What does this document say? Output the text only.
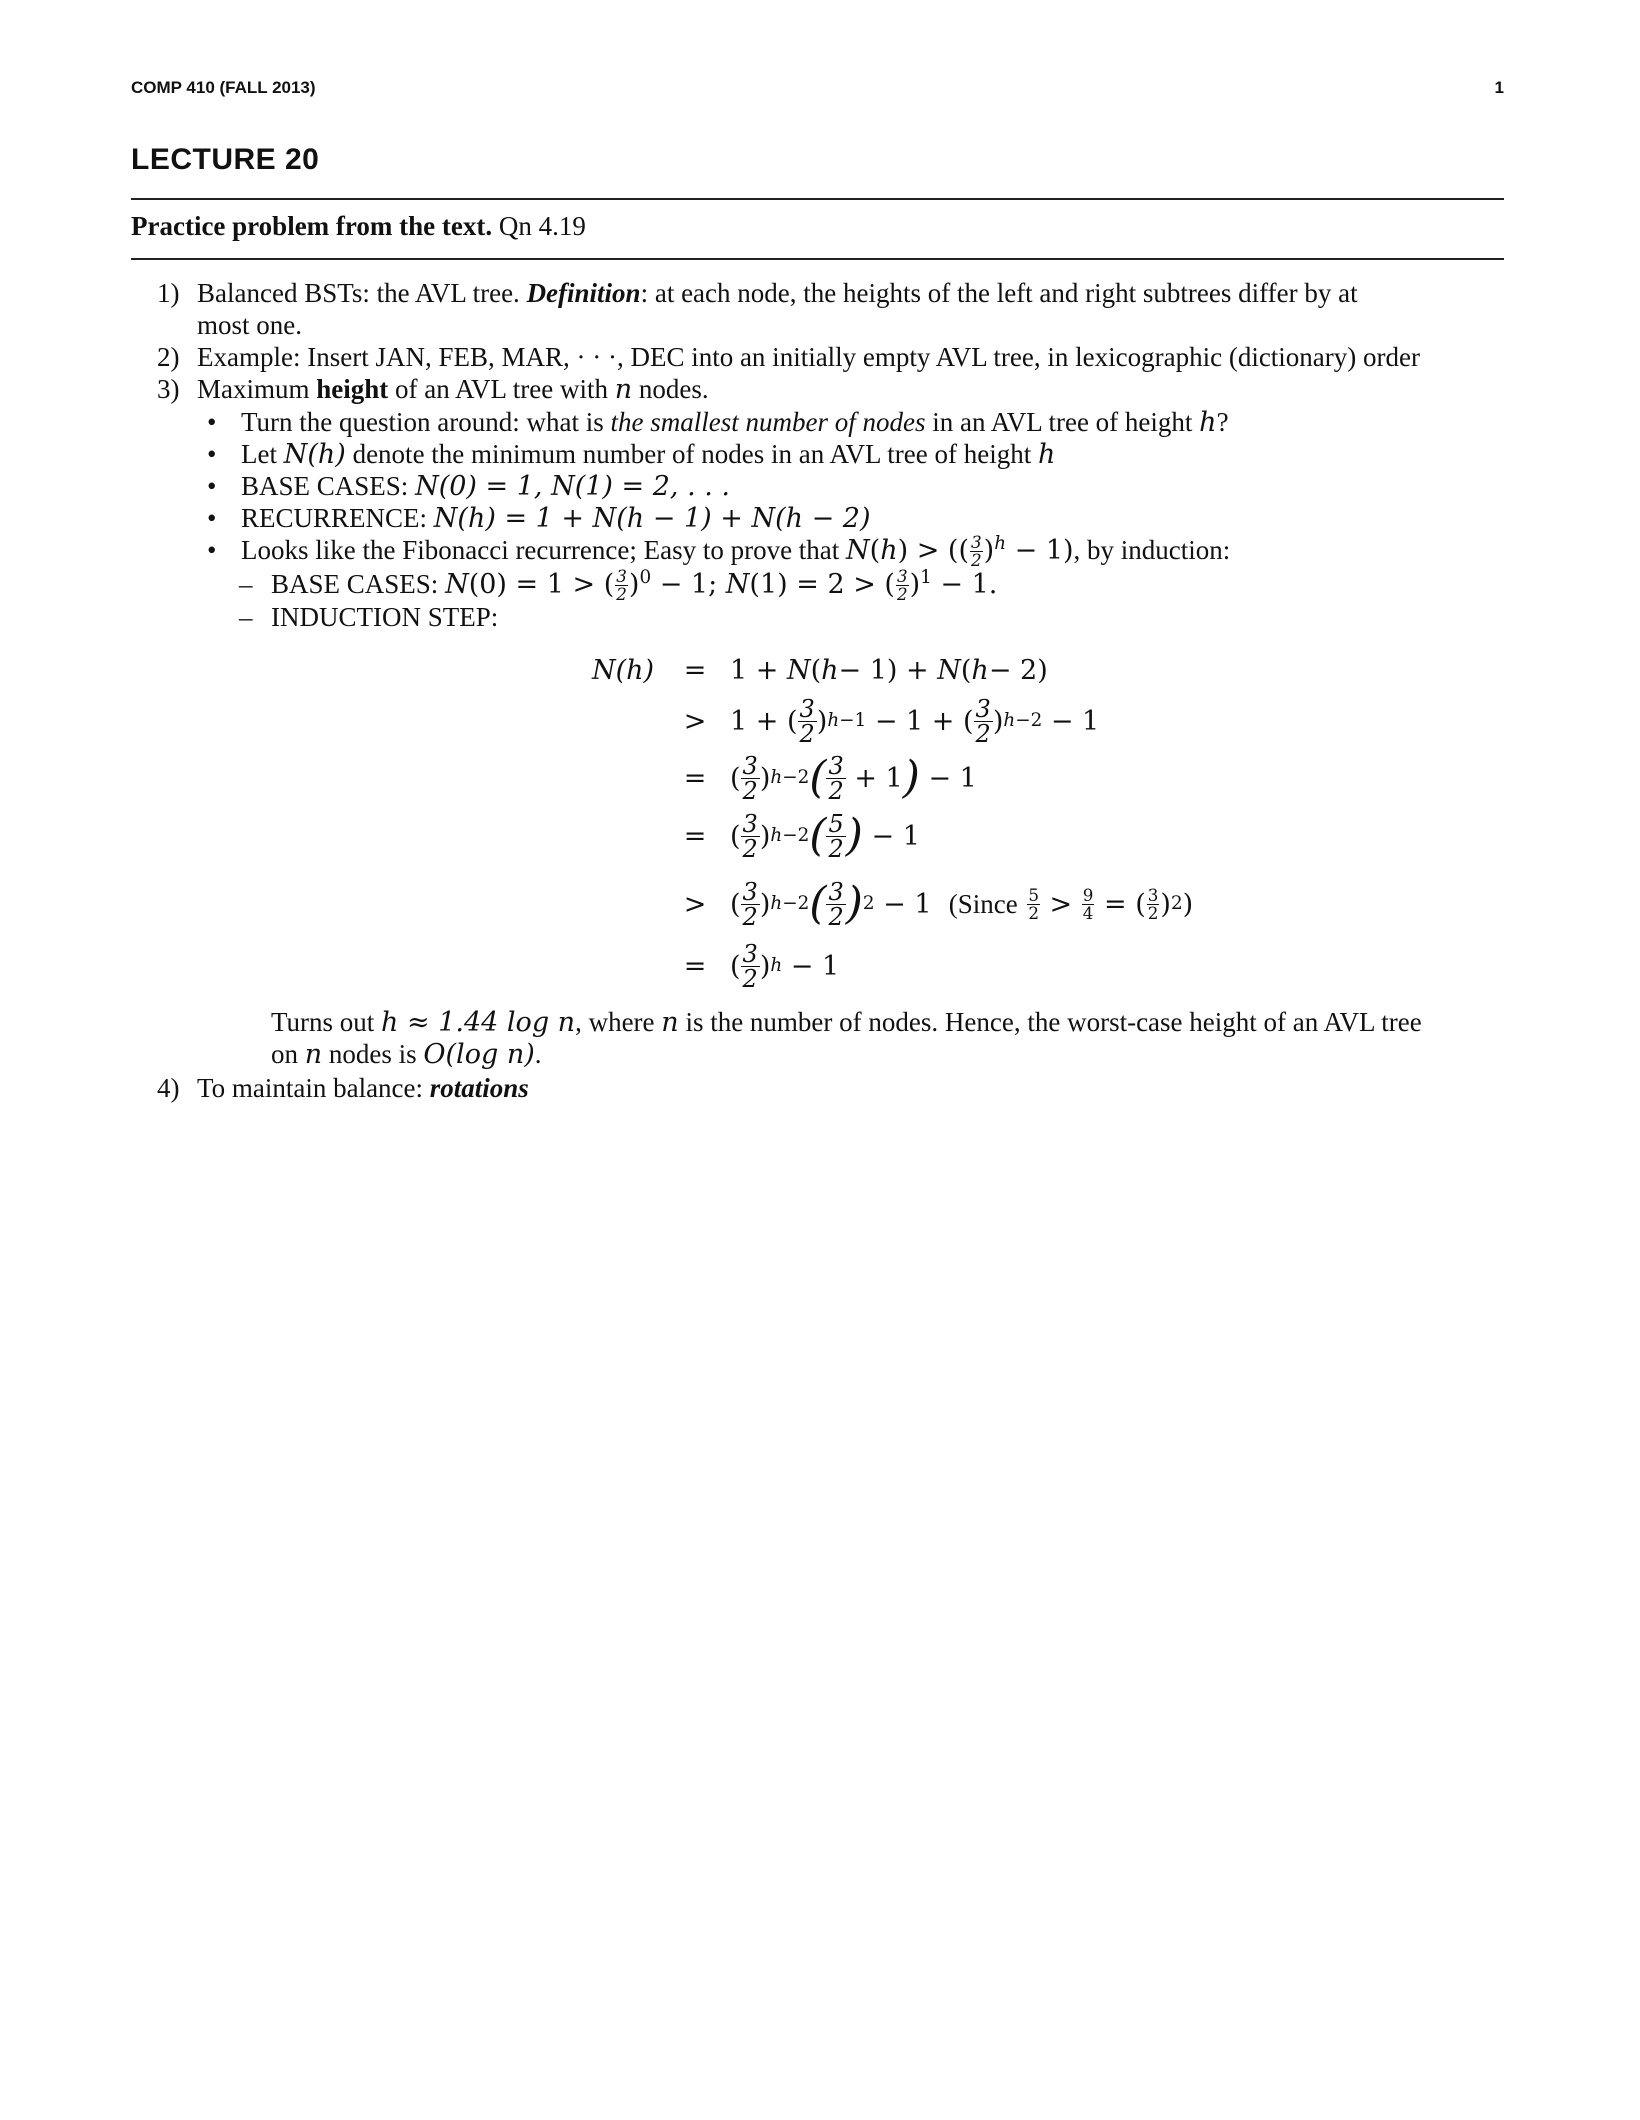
COMP 410 (FALL 2013)	1
LECTURE 20
Practice problem from the text. Qn 4.19
1) Balanced BSTs: the AVL tree. Definition: at each node, the heights of the left and right subtrees differ by at
most one.
2) Example: Insert JAN, FEB, MAR, · · ·, DEC into an initially empty AVL tree, in lexicographic (dictionary) order
3) Maximum height of an AVL tree with n nodes.
• Turn the question around: what is the smallest number of nodes in an AVL tree of height h?
• Let N(h) denote the minimum number of nodes in an AVL tree of height h
• BASE CASES: N(0) = 1, N(1) = 2, . . .
• RECURRENCE: N(h) = 1 + N(h − 1) + N(h − 2)
• Looks like the Fibonacci recurrence; Easy to prove that N(h) > (( $\frac{3}{2} )^h - 1$), by induction:
– BASE CASES: N(0) = 1 > ( $\frac{3}{2} )^0 - 1$; N(1) = 2 > ( $\frac{3}{2} )^1 - 1$.
– INDUCTION STEP:
N(h) = 1 + N ( h − 1) + N ( h − 2)
> 1 + ( 3
2 ) h−1 − 1 + ( 3
2 ) h−2 − 1
= ( 3
2 ) h−2 ( 3
2 + 1 ) − 1
= ( 3
2 ) h−2 ( 5
2 ) − 1
> ( 3
2 ) h−2 ( 3
2 ) 2 − 1 (Since
$\frac{5}{2} > \frac{9}{4}$ = ( $\frac{3}{2}$ ) 2 )
= ( 3
2 ) h − 1
Turns out h ≈ 1.44 log n, where n is the number of nodes. Hence, the worst-case height of an AVL tree
on n nodes is O(log n).
4) To maintain balance: rotations
